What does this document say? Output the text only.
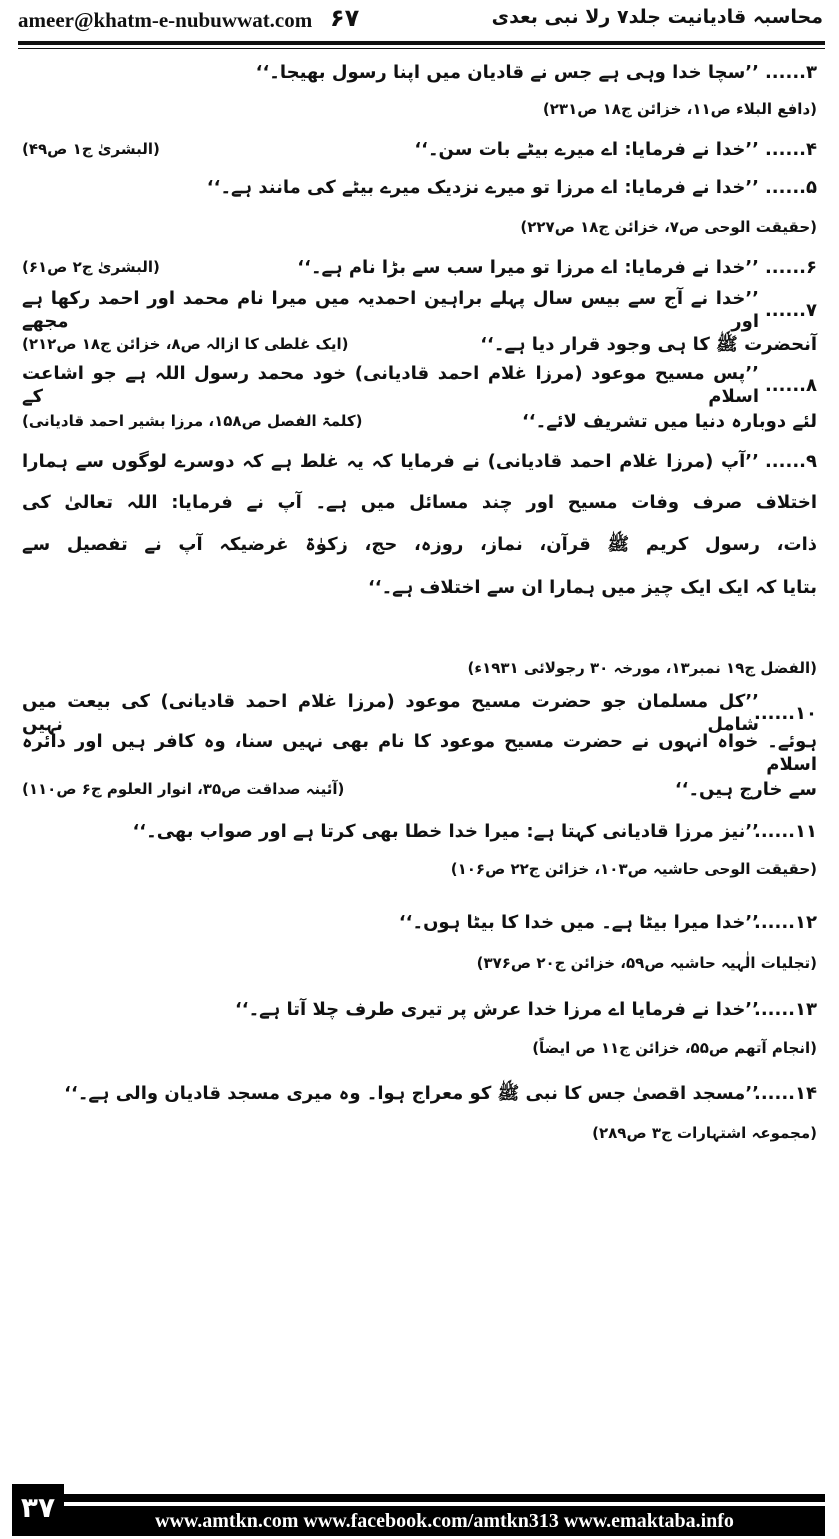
ameer@khatm-e-nubuwwat.com ۶۷	محاسبہ قادیانیت جلد۷ رلا نبی بعدی
۳......
’’سچا خدا وہی ہے جس نے قادیان میں اپنا رسول بھیجا۔‘‘
(دافع البلاء ص۱۱، خزائن ج۱۸ ص۲۳۱)
۴......
’’خدا نے فرمایا: اے میرے بیٹے بات سن۔‘‘
(البشریٰ ج۱ ص۴۹)
۵......
’’خدا نے فرمایا: اے مرزا تو میرے نزدیک میرے بیٹے کی مانند ہے۔‘‘
(حقیقت الوحی ص۷، خزائن ج۱۸ ص۲۲۷)
۶......
’’خدا نے فرمایا: اے مرزا تو میرا سب سے بڑا نام ہے۔‘‘
(البشریٰ ج۲ ص۶۱)
۷......
’’خدا نے آج سے بیس سال پہلے براہین احمدیہ میں میرا نام محمد اور احمد رکھا ہے اور مجھے
آنحضرت ﷺ کا ہی وجود قرار دیا ہے۔‘‘
(ایک غلطی کا ازالہ ص۸، خزائن ج۱۸ ص۲۱۲)
۸......
’’پس مسیح موعود (مرزا غلام احمد قادیانی) خود محمد رسول اللہ ہے جو اشاعت اسلام کے
لئے دوبارہ دنیا میں تشریف لائے۔‘‘
(کلمۃ الفصل ص۱۵۸، مرزا بشیر احمد قادیانی)
۹......
’’آپ (مرزا غلام احمد قادیانی) نے فرمایا کہ یہ غلط ہے کہ دوسرے لوگوں سے ہمارا
اختلاف صرف وفات مسیح اور چند مسائل میں ہے۔ آپ نے فرمایا: اللہ تعالیٰ کی
ذات، رسول کریم ﷺ قرآن، نماز، روزہ، حج، زکوٰۃ غرضیکہ آپ نے تفصیل سے
بتایا کہ ایک ایک چیز میں ہمارا ان سے اختلاف ہے۔‘‘
(الفضل ج۱۹ نمبر۱۳، مورخہ ۳۰ رجولائی ۱۹۳۱ء)
۱۰......
’’کل مسلمان جو حضرت مسیح موعود (مرزا غلام احمد قادیانی) کی بیعت میں شامل نہیں
ہوئے۔ خواہ انہوں نے حضرت مسیح موعود کا نام بھی نہیں سنا، وہ کافر ہیں اور دائرہ اسلام
سے خارج ہیں۔‘‘
(آئینہ صداقت ص۳۵، انوار العلوم ج۶ ص۱۱۰)
۱۱......
’’نیز مرزا قادیانی کہتا ہے: میرا خدا خطا بھی کرتا ہے اور صواب بھی۔‘‘
(حقیقت الوحی حاشیہ ص۱۰۳، خزائن ج۲۲ ص۱۰۶)
۱۲......
’’خدا میرا بیٹا ہے۔ میں خدا کا بیٹا ہوں۔‘‘
(تجلیات الٰہیہ حاشیہ ص۵۹، خزائن ج۲۰ ص۳۷۶)
۱۳......
’’خدا نے فرمایا اے مرزا خدا عرش پر تیری طرف چلا آتا ہے۔‘‘
(انجام آتھم ص۵۵، خزائن ج۱۱ ص ایضاً)
۱۴......
’’مسجد اقصیٰ جس کا نبی ﷺ کو معراج ہوا۔ وہ میری مسجد قادیان والی ہے۔‘‘
(مجموعہ اشتہارات ج۳ ص۲۸۹)
۳۷	www.amtkn.com www.facebook.com/amtkn313 www.emaktaba.info
